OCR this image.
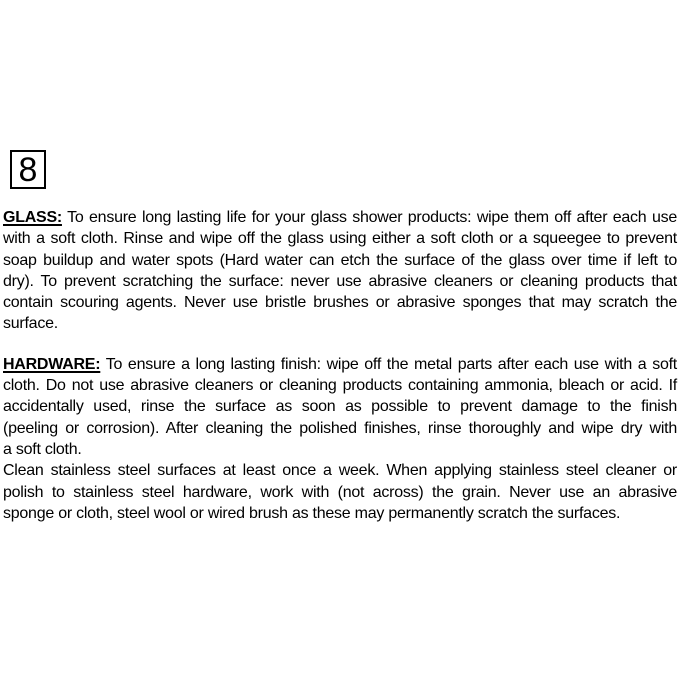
8
GLASS: To ensure long lasting life for your glass shower products: wipe them off after each use
with a soft cloth. Rinse and wipe off the glass using either a soft cloth or a squeegee to prevent
soap buildup and water spots (Hard water can etch the surface of the glass over time if left to
dry). To prevent scratching the surface: never use abrasive cleaners or cleaning products that
contain scouring agents. Never use bristle brushes or abrasive sponges that may scratch the
surface.
HARDWARE: To ensure a long lasting finish: wipe off the metal parts after each use with a soft
cloth. Do not use abrasive cleaners or cleaning products containing ammonia, bleach or acid. If
accidentally used, rinse the surface as soon as possible to prevent damage to the finish
(peeling or corrosion). After cleaning the polished finishes, rinse thoroughly and wipe dry with
a soft cloth.
Clean stainless steel surfaces at least once a week. When applying stainless steel cleaner or
polish to stainless steel hardware, work with (not across) the grain. Never use an abrasive
sponge or cloth, steel wool or wired brush as these may permanently scratch the surfaces.
